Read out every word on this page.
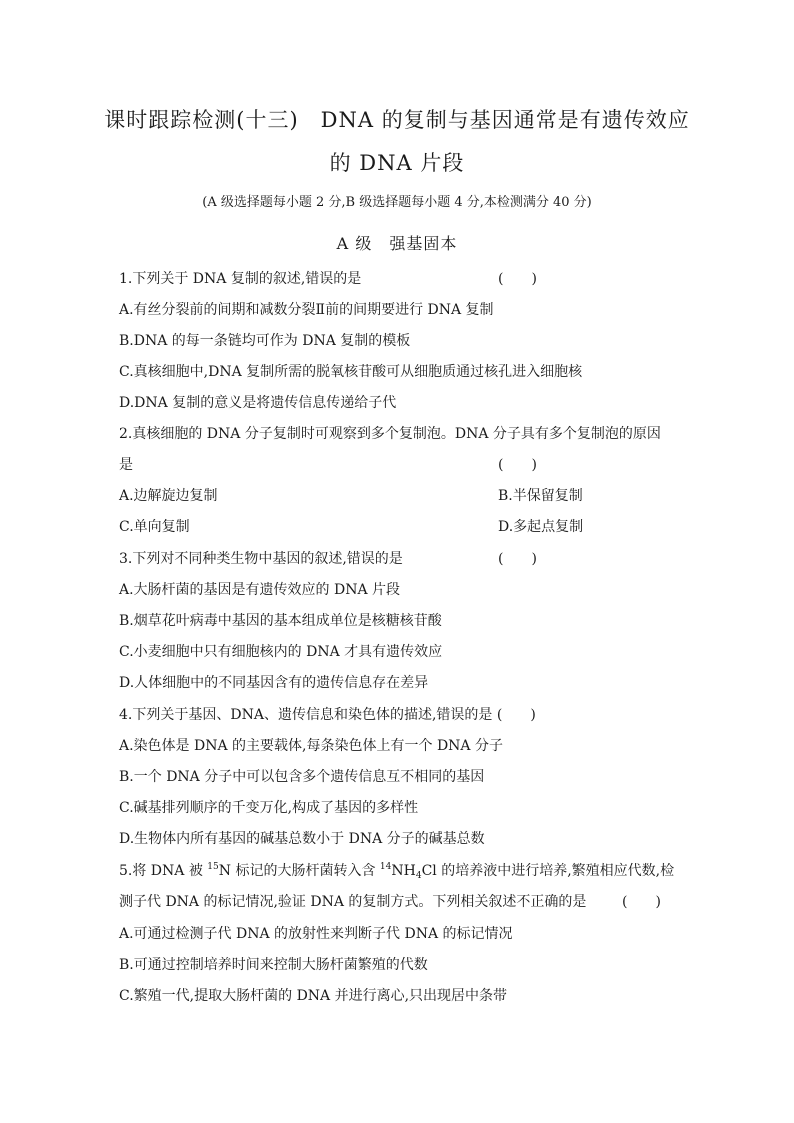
课时跟踪检测(十三)　DNA 的复制与基因通常是有遗传效应
的 DNA 片段
(A 级选择题每小题 2 分,B 级选择题每小题 4 分,本检测满分 40 分)
A 级　强基固本
1.下列关于 DNA 复制的叙述,错误的是	(　　)
A.有丝分裂前的间期和减数分裂Ⅱ前的间期要进行 DNA 复制
B.DNA 的每一条链均可作为 DNA 复制的模板
C.真核细胞中,DNA 复制所需的脱氧核苷酸可从细胞质通过核孔进入细胞核
D.DNA 复制的意义是将遗传信息传递给子代
2.真核细胞的 DNA 分子复制时可观察到多个复制泡。DNA 分子具有多个复制泡的原因
是	(　　)
A.边解旋边复制	B.半保留复制
C.单向复制	D.多起点复制
3.下列对不同种类生物中基因的叙述,错误的是	(　　)
A.大肠杆菌的基因是有遗传效应的 DNA 片段
B.烟草花叶病毒中基因的基本组成单位是核糖核苷酸
C.小麦细胞中只有细胞核内的 DNA 才具有遗传效应
D.人体细胞中的不同基因含有的遗传信息存在差异
4.下列关于基因、DNA、遗传信息和染色体的描述,错误的是 (　　)
A.染色体是 DNA 的主要载体,每条染色体上有一个 DNA 分子
B.一个 DNA 分子中可以包含多个遗传信息互不相同的基因
C.碱基排列顺序的千变万化,构成了基因的多样性
D.生物体内所有基因的碱基总数小于 DNA 分子的碱基总数
5.将 DNA 被 $^{15}$N 标记的大肠杆菌转入含 $^{14}NH_4Cl$ 的培养液中进行培养,繁殖相应代数,检
测子代 DNA 的标记情况,验证 DNA 的复制方式。下列相关叙述不正确的是	(　　)
A.可通过检测子代 DNA 的放射性来判断子代 DNA 的标记情况
B.可通过控制培养时间来控制大肠杆菌繁殖的代数
C.繁殖一代,提取大肠杆菌的 DNA 并进行离心,只出现居中条带
